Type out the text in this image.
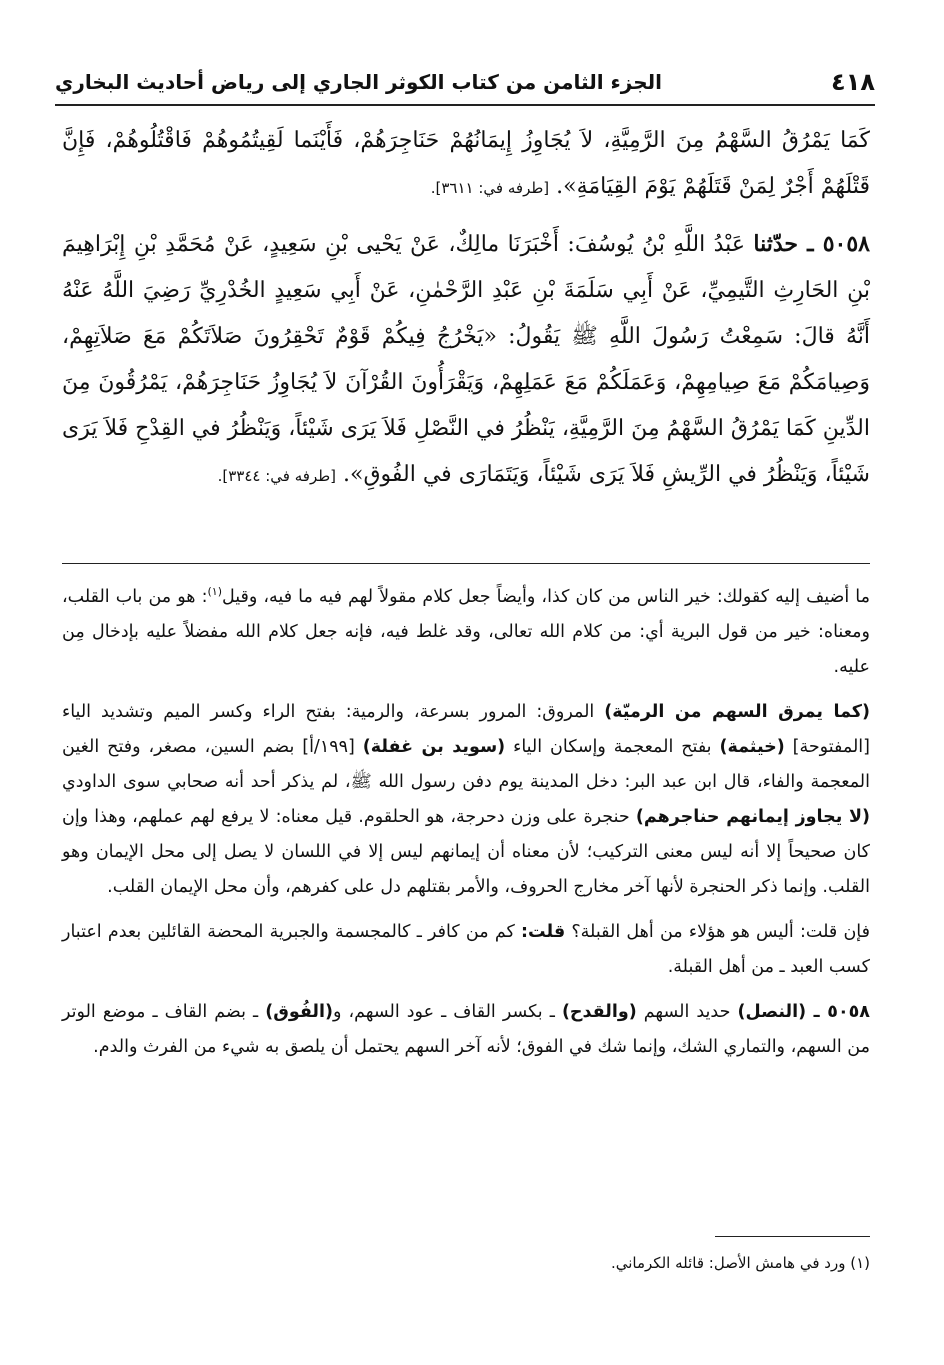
٤١٨
الجزء الثامن من كتاب الكوثر الجاري إلى رياض أحاديث البخاري

كَمَا يَمْرُقُ السَّهْمُ مِنَ الرَّمِيَّةِ، لاَ يُجَاوِزُ إِيمَانُهُمْ حَنَاجِرَهُمْ، فَأَيْنَما لَقِيتُمُوهُمْ فَاقْتُلُوهُمْ، فَإِنَّ قَتْلَهُمْ أَجْرٌ لِمَنْ قَتَلَهُمْ يَوْمَ القِيَامَةِ». [طرفه في: ٣٦١١].

٥٠٥٨ ـ حدّثنا عَبْدُ اللَّهِ بْنُ يُوسُفَ: أَخْبَرَنَا مالِكٌ، عَنْ يَحْيى بْنِ سَعِيدٍ، عَنْ مُحَمَّدِ بْنِ إِبْرَاهِيمَ بْنِ الحَارِثِ التَّيمِيِّ، عَنْ أَبِي سَلَمَةَ بْنِ عَبْدِ الرَّحْمٰنِ، عَنْ أَبِي سَعِيدٍ الخُدْرِيِّ رَضِيَ اللَّهُ عَنْهُ أَنَّهُ قالَ: سَمِعْتُ رَسُولَ اللَّهِ ﷺ يَقُولُ: «يَخْرُجُ فِيكُمْ قَوْمٌ تَحْقِرُونَ صَلاَتَكُمْ مَعَ صَلاَتِهِمْ، وَصِيامَكُمْ مَعَ صِيامِهِمْ، وَعَمَلَكُمْ مَعَ عَمَلِهِمْ، وَيَقْرَأُونَ القُرْآنَ لاَ يُجَاوِزُ حَنَاجِرَهُمْ، يَمْرُقُونَ مِنَ الدِّينِ كَمَا يَمْرُقُ السَّهْمُ مِنَ الرَّمِيَّةِ، يَنْظُرُ في النَّصْلِ فَلاَ يَرَى شَيْئاً، وَيَنْظُرُ في القِدْحِ فَلاَ يَرَى شَيْئاً، وَيَنْظُرُ في الرِّيشِ فَلاَ يَرَى شَيْئاً، وَيَتَمَارَى في الفُوقِ». [طرفه في: ٣٣٤٤].

ما أضيف إليه كقولك: خير الناس من كان كذا، وأيضاً جعل كلام مقولاً لهم فيه ما فيه، وقيل$^{(١)}$: هو من باب القلب، ومعناه: خير من قول البرية أي: من كلام الله تعالى، وقد غلط فيه، فإنه جعل كلام الله مفضلاً عليه بإدخال مِن عليه.

(كما يمرق السهم من الرميّة) المروق: المرور بسرعة، والرمية: بفتح الراء وكسر الميم وتشديد الياء [المفتوحة] (خيثمة) بفتح المعجمة وإسكان الياء (سويد بن غفلة) [١٩٩/أ] بضم السين، مصغر، وفتح الغين المعجمة والفاء، قال ابن عبد البر: دخل المدينة يوم دفن رسول الله ﷺ، لم يذكر أحد أنه صحابي سوى الداودي (لا يجاوز إيمانهم حناجرهم) حنجرة على وزن دحرجة، هو الحلقوم. قيل معناه: لا يرفع لهم عملهم، وهذا وإن كان صحيحاً إلا أنه ليس معنى التركيب؛ لأن معناه أن إيمانهم ليس إلا في اللسان لا يصل إلى محل الإيمان وهو القلب. وإنما ذكر الحنجرة لأنها آخر مخارج الحروف، والأمر بقتلهم دل على كفرهم، وأن محل الإيمان القلب.

فإن قلت: أليس هو هؤلاء من أهل القبلة؟ قلت: كم من كافر ـ كالمجسمة والجبرية المحضة القائلين بعدم اعتبار كسب العبد ـ من أهل القبلة.

٥٠٥٨ ـ (النصل) حديد السهم (والقدح) ـ بكسر القاف ـ عود السهم، و(الفُوق) ـ بضم القاف ـ موضع الوتر من السهم، والتماري الشك، وإنما شك في الفوق؛ لأنه آخر السهم يحتمل أن يلصق به شيء من الفرث والدم.

(١) ورد في هامش الأصل: قائله الكرماني.
